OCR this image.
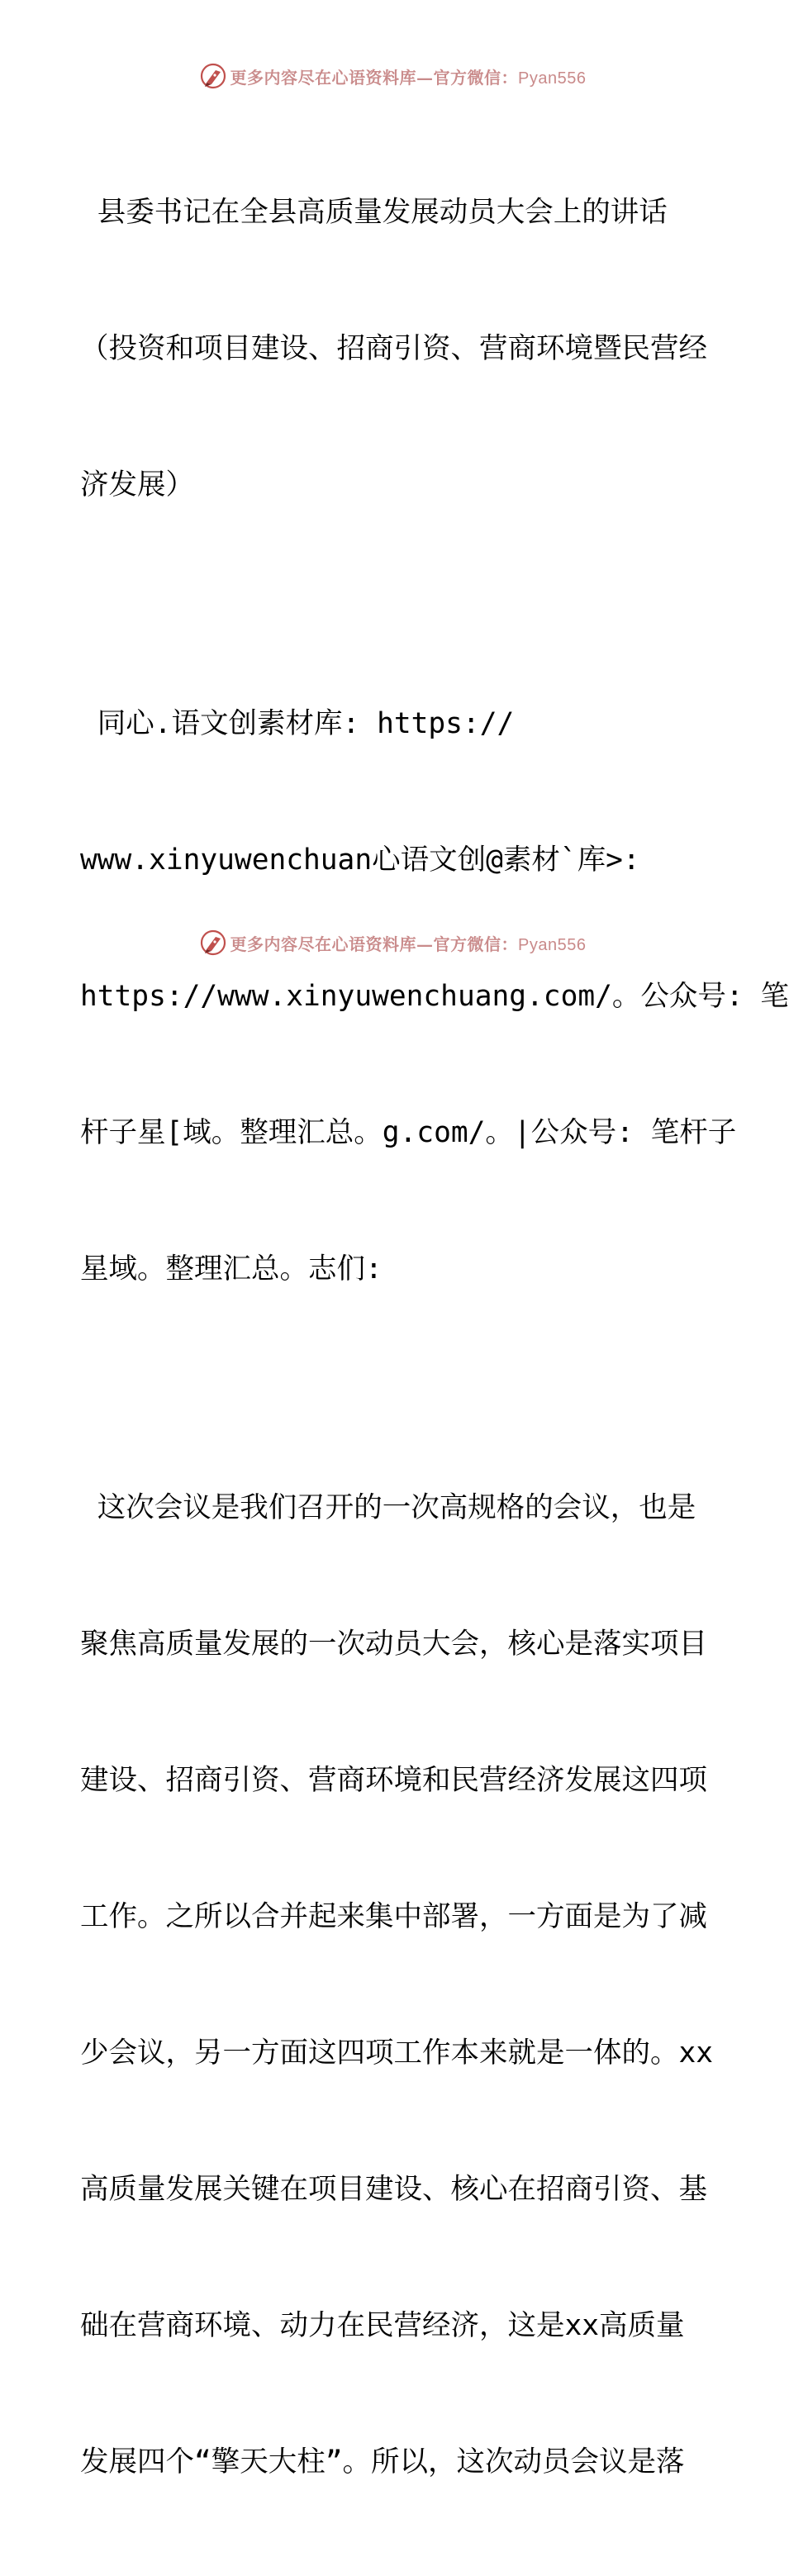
更多内容尽在心语资料库—官方微信：Pyan556

县委书记在全县高质量发展动员大会上的讲话

（投资和项目建设、招商引资、营商环境暨民营经

济发展）

同心.语文创素材库: https://

www.xinyuwenchuan心语文创@素材`库>:

https://www.xinyuwenchuang.com/。公众号: 笔

杆子星[域。整理汇总。g.com/。|公众号: 笔杆子

星域。整理汇总。志们:

这次会议是我们召开的一次高规格的会议，也是

聚焦高质量发展的一次动员大会，核心是落实项目

建设、招商引资、营商环境和民营经济发展这四项

工作。之所以合并起来集中部署，一方面是为了减

少会议，另一方面这四项工作本来就是一体的。xx

高质量发展关键在项目建设、核心在招商引资、基

础在营商环境、动力在民营经济，这是xx高质量

发展四个“擎天大柱”。所以，这次动员会议是落

更多内容尽在心语资料库—官方微信：Pyan556
